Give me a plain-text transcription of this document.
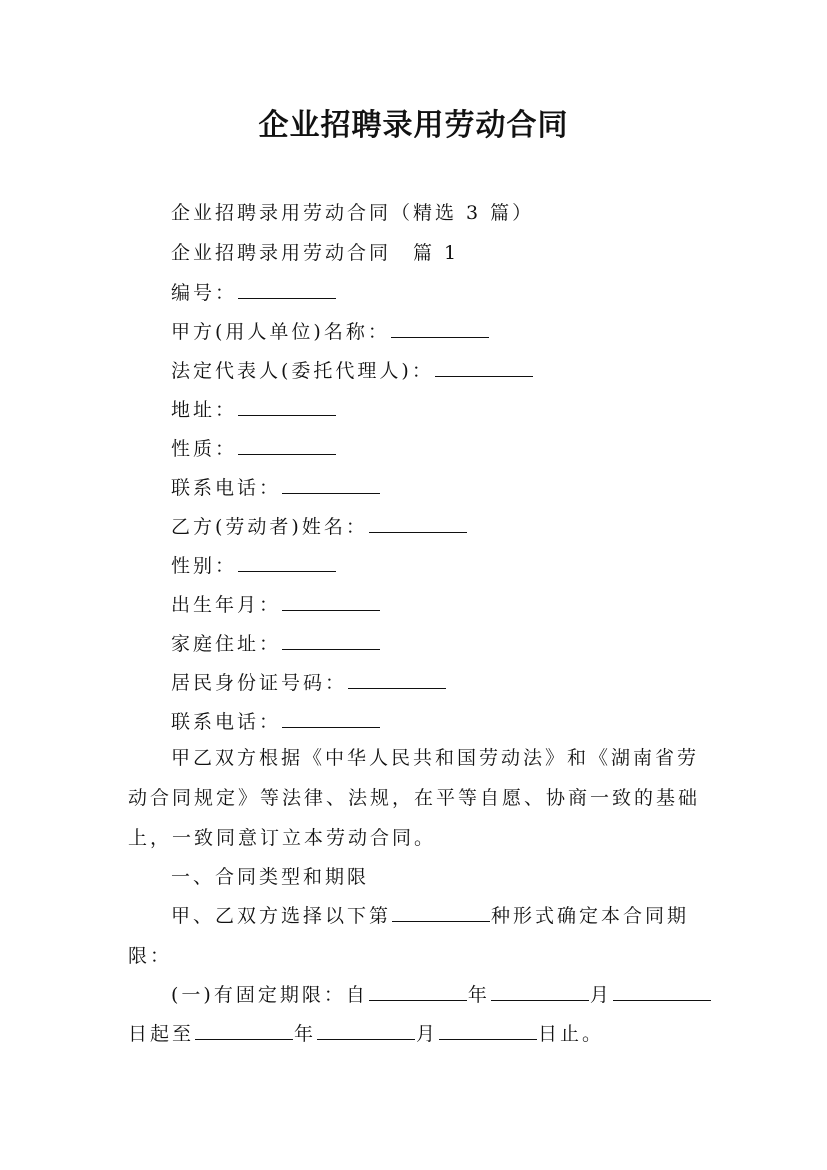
企业招聘录用劳动合同
企业招聘录用劳动合同（精选 3 篇）
企业招聘录用劳动合同　篇 1
编号：
甲方(用人单位)名称：
法定代表人(委托代理人)：
地址：
性质：
联系电话：
乙方(劳动者)姓名：
性别：
出生年月：
家庭住址：
居民身份证号码：
联系电话：
甲乙双方根据《中华人民共和国劳动法》和《湖南省劳
动合同规定》等法律、法规，在平等自愿、协商一致的基础
上，一致同意订立本劳动合同。
一、合同类型和期限
甲、乙双方选择以下第	种形式确定本合同期
限：
(一)有固定期限：自	年	月
日起至	年	月	日止。
